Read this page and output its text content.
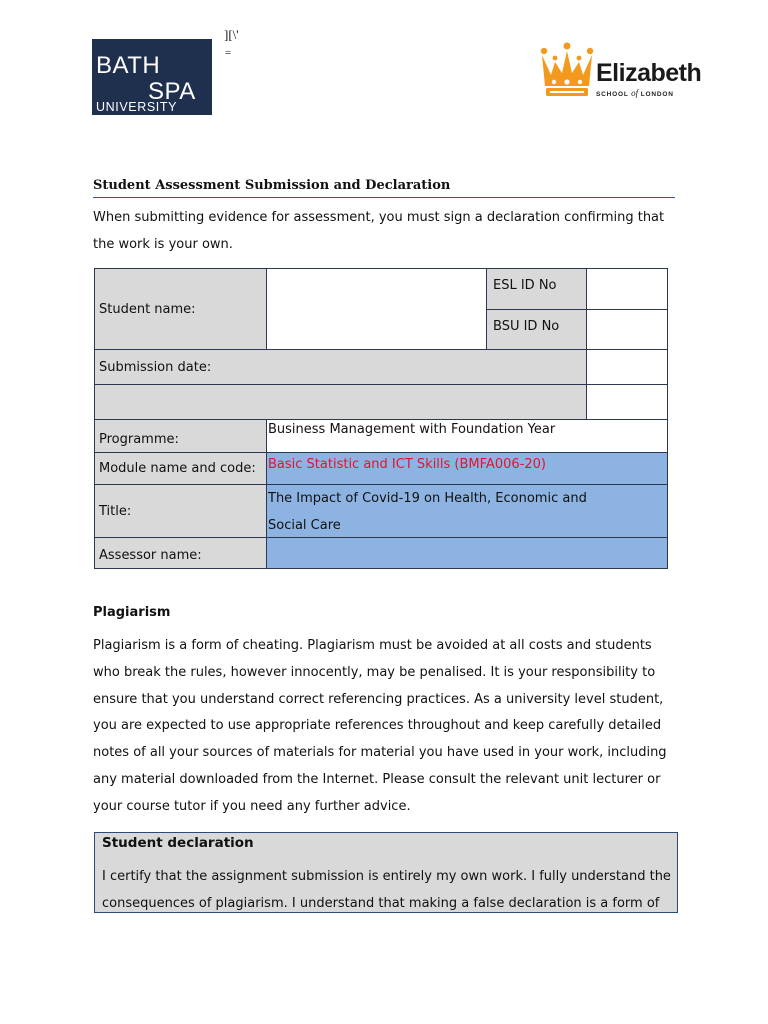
BATH
SPA
UNIVERSITY
][\'
=
Elizabeth
SCHOOL of LONDON
Student Assessment Submission and Declaration
When submitting evidence for assessment, you must sign a declaration confirming that the work is your own.
Student name:
ESL ID No
BSU ID No
Submission date:
Programme:
Business Management with Foundation Year
Module name and code: Basic Statistic and ICT Skills (BMFA006-20)
Title:
The Impact of Covid-19 on Health, Economic and Social Care
Assessor name:
Plagiarism
Plagiarism is a form of cheating. Plagiarism must be avoided at all costs and students who break the rules, however innocently, may be penalised. It is your responsibility to ensure that you understand correct referencing practices. As a university level student, you are expected to use appropriate references throughout and keep carefully detailed notes of all your sources of materials for material you have used in your work, including any material downloaded from the Internet. Please consult the relevant unit lecturer or your course tutor if you need any further advice.
Student declaration
I certify that the assignment submission is entirely my own work. I fully understand the consequences of plagiarism. I understand that making a false declaration is a form of
